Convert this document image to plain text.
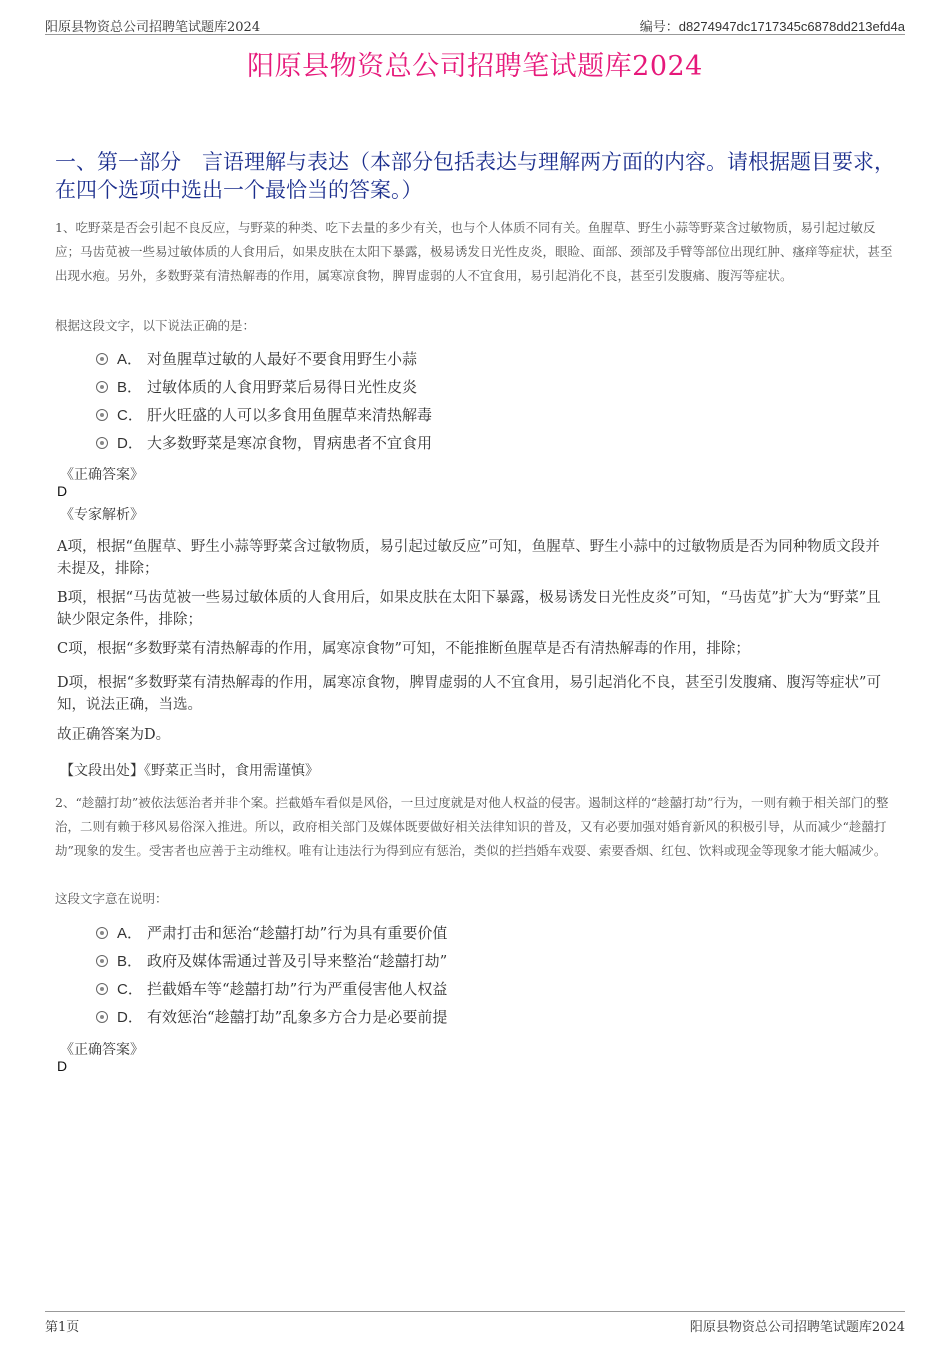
阳原县物资总公司招聘笔试题库2024	编号：d8274947dc1717345c6878dd213efd4a
阳原县物资总公司招聘笔试题库2024
一、第一部分　言语理解与表达（本部分包括表达与理解两方面的内容。请根据题目要求，在四个选项中选出一个最恰当的答案。）
1、吃野菜是否会引起不良反应，与野菜的种类、吃下去量的多少有关，也与个人体质不同有关。鱼腥草、野生小蒜等野菜含过敏物质，易引起过敏反应；马齿苋被一些易过敏体质的人食用后，如果皮肤在太阳下暴露，极易诱发日光性皮炎，眼睑、面部、颈部及手臂等部位出现红肿、瘙痒等症状，甚至出现水疱。另外，多数野菜有清热解毒的作用，属寒凉食物，脾胃虚弱的人不宜食用，易引起消化不良，甚至引发腹痛、腹泻等症状。
根据这段文字，以下说法正确的是：
A． 对鱼腥草过敏的人最好不要食用野生小蒜
B． 过敏体质的人食用野菜后易得日光性皮炎
C． 肝火旺盛的人可以多食用鱼腥草来清热解毒
D． 大多数野菜是寒凉食物，胃病患者不宜食用
《正确答案》
D
《专家解析》
A项，根据“鱼腥草、野生小蒜等野菜含过敏物质，易引起过敏反应”可知，鱼腥草、野生小蒜中的过敏物质是否为同种物质文段并未提及，排除；
B项，根据“马齿苋被一些易过敏体质的人食用后，如果皮肤在太阳下暴露，极易诱发日光性皮炎”可知，“马齿苋”扩大为“野菜”且缺少限定条件，排除；
C项，根据“多数野菜有清热解毒的作用，属寒凉食物”可知，不能推断鱼腥草是否有清热解毒的作用，排除；
D项，根据“多数野菜有清热解毒的作用，属寒凉食物，脾胃虚弱的人不宜食用，易引起消化不良，甚至引发腹痛、腹泻等症状”可知，说法正确，当选。
故正确答案为D。
【文段出处】《野菜正当时，食用需谨慎》
2、“趁囍打劫”被依法惩治者并非个案。拦截婚车看似是风俗，一旦过度就是对他人权益的侵害。遏制这样的“趁囍打劫”行为，一则有赖于相关部门的整治，二则有赖于移风易俗深入推进。所以，政府相关部门及媒体既要做好相关法律知识的普及，又有必要加强对婚育新风的积极引导，从而减少“趁囍打劫”现象的发生。受害者也应善于主动维权。唯有让违法行为得到应有惩治，类似的拦挡婚车戏耍、索要香烟、红包、饮料或现金等现象才能大幅减少。
这段文字意在说明：
A． 严肃打击和惩治“趁囍打劫”行为具有重要价值
B． 政府及媒体需通过普及引导来整治“趁囍打劫”
C． 拦截婚车等“趁囍打劫”行为严重侵害他人权益
D． 有效惩治“趁囍打劫”乱象多方合力是必要前提
《正确答案》
D
第1页	阳原县物资总公司招聘笔试题库2024
